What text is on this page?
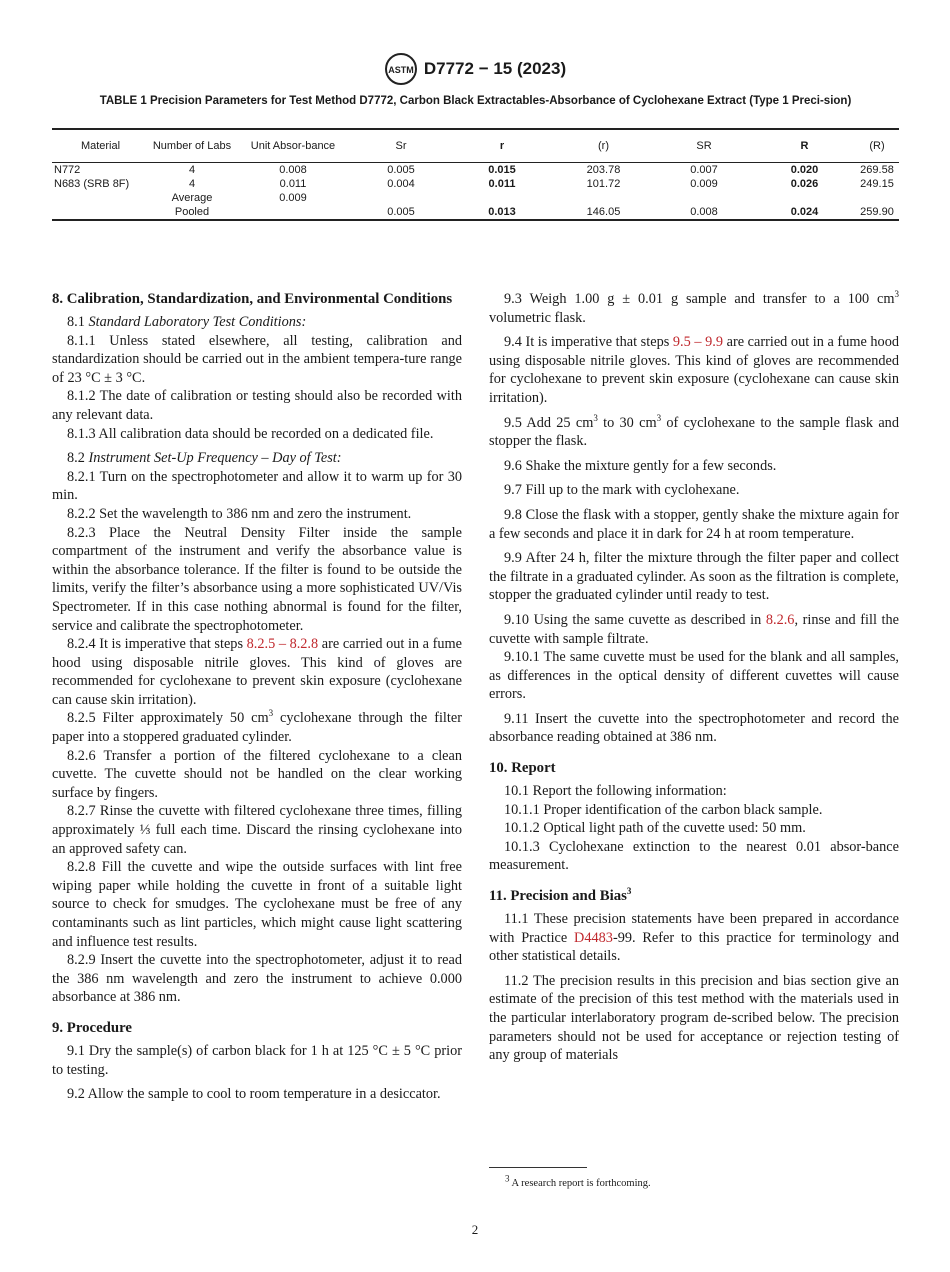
ASTM D7772 − 15 (2023)
TABLE 1 Precision Parameters for Test Method D7772, Carbon Black Extractables-Absorbance of Cyclohexane Extract (Type 1 Preci-sion)
Material	Number of Labs	Unit Absor-bance	Sr	r	(r)	SR	R	(R)
N772	4	0.008	0.005	0.015	203.78	0.007	0.020	269.58
N683 (SRB 8F)	4	0.011	0.004	0.011	101.72	0.009	0.026	249.15
	Average	0.009						
	Pooled		0.005	0.013	146.05	0.008	0.024	259.90
8. Calibration, Standardization, and Environmental Conditions

8.1 Standard Laboratory Test Conditions:

8.1.1 Unless stated elsewhere, all testing, calibration and standardization should be carried out in the ambient tempera-ture range of 23 °C ± 3 °C.

8.1.2 The date of calibration or testing should also be recorded with any relevant data.

8.1.3 All calibration data should be recorded on a dedicated file.

8.2 Instrument Set-Up Frequency – Day of Test:

8.2.1 Turn on the spectrophotometer and allow it to warm up for 30 min.

8.2.2 Set the wavelength to 386 nm and zero the instrument.

8.2.3 Place the Neutral Density Filter inside the sample compartment of the instrument and verify the absorbance value is within the absorbance tolerance. If the filter is found to be outside the limits, verify the filter’s absorbance using a more sophisticated UV/Vis Spectrometer. If in this case nothing abnormal is found for the filter, service and calibrate the spectrophotometer.

8.2.4 It is imperative that steps 8.2.5 – 8.2.8 are carried out in a fume hood using disposable nitrile gloves. This kind of gloves are recommended for cyclohexane to prevent skin exposure (cyclohexane can cause skin irritation).

8.2.5 Filter approximately 50 $cm^3$ cyclohexane through the filter paper into a stoppered graduated cylinder.

8.2.6 Transfer a portion of the filtered cyclohexane to a clean cuvette. The cuvette should not be handled on the clear working surface by fingers.

8.2.7 Rinse the cuvette with filtered cyclohexane three times, filling approximately ⅓ full each time. Discard the rinsing cyclohexane into an approved safety can.

8.2.8 Fill the cuvette and wipe the outside surfaces with lint free wiping paper while holding the cuvette in front of a suitable light source to check for smudges. The cyclohexane must be free of any contaminants such as lint particles, which might cause light scattering and influence test results.

8.2.9 Insert the cuvette into the spectrophotometer, adjust it to read the 386 nm wavelength and zero the instrument to achieve 0.000 absorbance at 386 nm.

9. Procedure

9.1 Dry the sample(s) of carbon black for 1 h at 125 °C ± 5 °C prior to testing.

9.2 Allow the sample to cool to room temperature in a desiccator.

9.3 Weigh 1.00 g ± 0.01 g sample and transfer to a 100 $cm^3$ volumetric flask.

9.4 It is imperative that steps 9.5 – 9.9 are carried out in a fume hood using disposable nitrile gloves. This kind of gloves are recommended for cyclohexane to prevent skin exposure (cyclohexane can cause skin irritation).

9.5 Add 25 $cm^3$ to 30 $cm^3$ of cyclohexane to the sample flask and stopper the flask.

9.6 Shake the mixture gently for a few seconds.

9.7 Fill up to the mark with cyclohexane.

9.8 Close the flask with a stopper, gently shake the mixture again for a few seconds and place it in dark for 24 h at room temperature.

9.9 After 24 h, filter the mixture through the filter paper and collect the filtrate in a graduated cylinder. As soon as the filtration is complete, stopper the graduated cylinder until ready to test.

9.10 Using the same cuvette as described in 8.2.6, rinse and fill the cuvette with sample filtrate.

9.10.1 The same cuvette must be used for the blank and all samples, as differences in the optical density of different cuvettes will cause errors.

9.11 Insert the cuvette into the spectrophotometer and record the absorbance reading obtained at 386 nm.

10. Report

10.1 Report the following information:

10.1.1 Proper identification of the carbon black sample.

10.1.2 Optical light path of the cuvette used: 50 mm.

10.1.3 Cyclohexane extinction to the nearest 0.01 absor-bance measurement.

11. Precision and Bias$^3$

11.1 These precision statements have been prepared in accordance with Practice D4483-99. Refer to this practice for terminology and other statistical details.

11.2 The precision results in this precision and bias section give an estimate of the precision of this test method with the materials used in the particular interlaboratory program de-scribed below. The precision parameters should not be used for acceptance or rejection testing of any group of materials

$^3$ A research report is forthcoming.
2
